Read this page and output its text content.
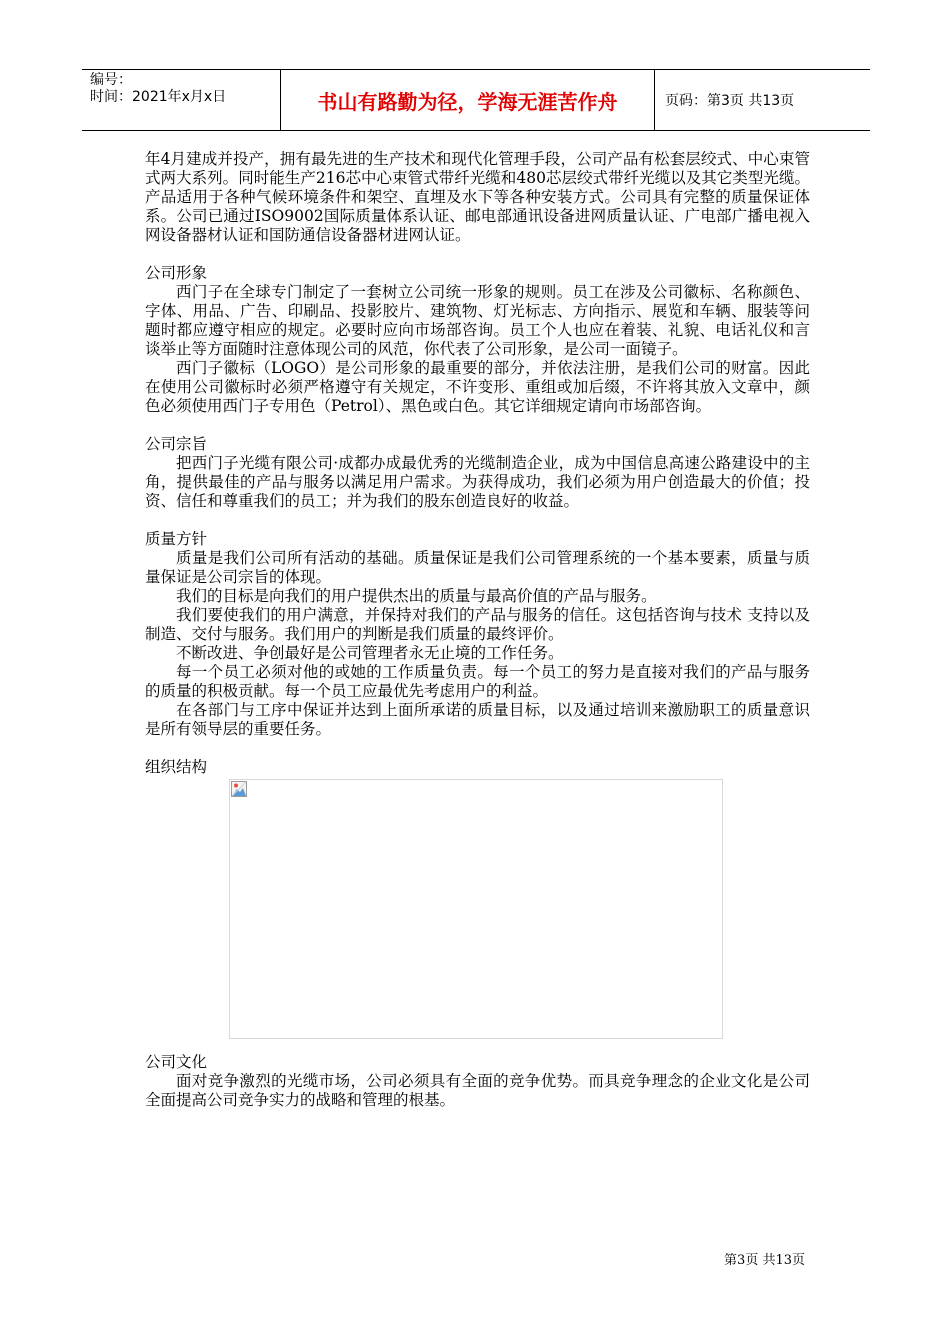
编号：
时间：2021年x月x日	书山有路勤为径，学海无涯苦作舟	页码：第3页 共13页

年4月建成并投产，拥有最先进的生产技术和现代化管理手段，公司产品有松套层绞式、中心束管式两大系列。同时能生产216芯中心束管式带纤光缆和480芯层绞式带纤光缆以及其它类型光缆。产品适用于各种气候环境条件和架空、直埋及水下等各种安装方式。公司具有完整的质量保证体系。公司已通过ISO9002国际质量体系认证、邮电部通讯设备进网质量认证、广电部广播电视入网设备器材认证和国防通信设备器材进网认证。

公司形象

西门子在全球专门制定了一套树立公司统一形象的规则。员工在涉及公司徽标、名称颜色、字体、用品、广告、印刷品、投影胶片、建筑物、灯光标志、方向指示、展览和车辆、服装等问题时都应遵守相应的规定。必要时应向市场部咨询。员工个人也应在着装、礼貌、电话礼仪和言谈举止等方面随时注意体现公司的风范，你代表了公司形象，是公司一面镜子。

西门子徽标（LOGO）是公司形象的最重要的部分，并依法注册，是我们公司的财富。因此在使用公司徽标时必须严格遵守有关规定，不许变形、重组或加后缀，不许将其放入文章中，颜色必须使用西门子专用色（Petrol）、黑色或白色。其它详细规定请向市场部咨询。

公司宗旨

把西门子光缆有限公司·成都办成最优秀的光缆制造企业，成为中国信息高速公路建设中的主角，提供最佳的产品与服务以满足用户需求。为获得成功，我们必须为用户创造最大的价值；投资、信任和尊重我们的员工；并为我们的股东创造良好的收益。

质量方针

质量是我们公司所有活动的基础。质量保证是我们公司管理系统的一个基本要素，质量与质量保证是公司宗旨的体现。

我们的目标是向我们的用户提供杰出的质量与最高价值的产品与服务。

我们要使我们的用户满意，并保持对我们的产品与服务的信任。这包括咨询与技术 支持以及制造、交付与服务。我们用户的判断是我们质量的最终评价。

不断改进、争创最好是公司管理者永无止境的工作任务。

每一个员工必须对他的或她的工作质量负责。每一个员工的努力是直接对我们的产品与服务的质量的积极贡献。每一个员工应最优先考虑用户的利益。

在各部门与工序中保证并达到上面所承诺的质量目标，以及通过培训来激励职工的质量意识是所有领导层的重要任务。

组织结构

公司文化

面对竞争激烈的光缆市场，公司必须具有全面的竞争优势。而具竞争理念的企业文化是公司全面提高公司竞争实力的战略和管理的根基。

第3页 共13页
